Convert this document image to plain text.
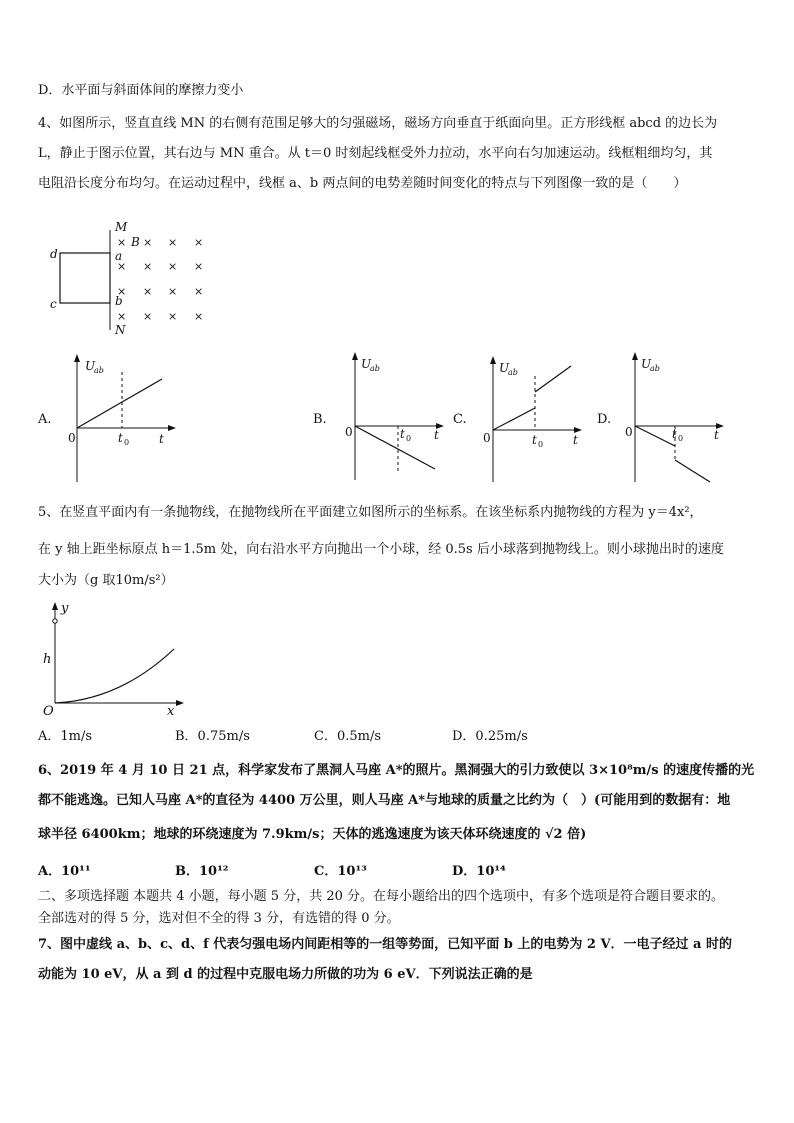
D．水平面与斜面体间的摩擦力变小
4、如图所示，竖直直线 MN 的右侧有范围足够大的匀强磁场，磁场方向垂直于纸面向里。正方形线框 abcd 的边长为
L，静止于图示位置，其右边与 MN 重合。从 t＝0 时刻起线框受外力拉动，水平向右匀加速运动。线框粗细均匀，其
电阻沿长度分布均匀。在运动过程中，线框 a、b 两点间的电势差随时间变化的特点与下列图像一致的是（　　）
M
N
a
b
d
c
B
× × × ×
× × × ×
× × × ×
× × × ×
A.
U
ab
0	t 0 t
B.
U
ab
0	t 0 t
C.
U
ab
0	t 0 t
D.
U
ab
0	t 0	t
5、在竖直平面内有一条抛物线，在抛物线所在平面建立如图所示的坐标系。在该坐标系内抛物线的方程为 y＝4x²，
在 y 轴上距坐标原点 h＝1.5m 处，向右沿水平方向抛出一个小球，经 0.5s 后小球落到抛物线上。则小球抛出时的速度
大小为（g 取10m/s²）
y
h
O	x
A．1m/s	B．0.75m/s	C．0.5m/s	D．0.25m/s
6、2019 年 4 月 10 日 21 点，科学家发布了黑洞人马座 A*的照片。黑洞强大的引力致使以 3×10⁸m/s 的速度传播的光
都不能逃逸。已知人马座 A*的直径为 4400 万公里，则人马座 A*与地球的质量之比约为（　）(可能用到的数据有：地
球半径 6400km；地球的环绕速度为 7.9km/s；天体的逃逸速度为该天体环绕速度的 √2 倍)
A．10¹¹	B．10¹²	C．10¹³	D．10¹⁴
二、多项选择题 本题共 4 小题，每小题 5 分，共 20 分。在每小题给出的四个选项中，有多个选项是符合题目要求的。
全部选对的得 5 分，选对但不全的得 3 分，有选错的得 0 分。
7、图中虚线 a、b、c、d、f 代表匀强电场内间距相等的一组等势面，已知平面 b 上的电势为 2 V．一电子经过 a 时的
动能为 10 eV，从 a 到 d 的过程中克服电场力所做的功为 6 eV．下列说法正确的是
